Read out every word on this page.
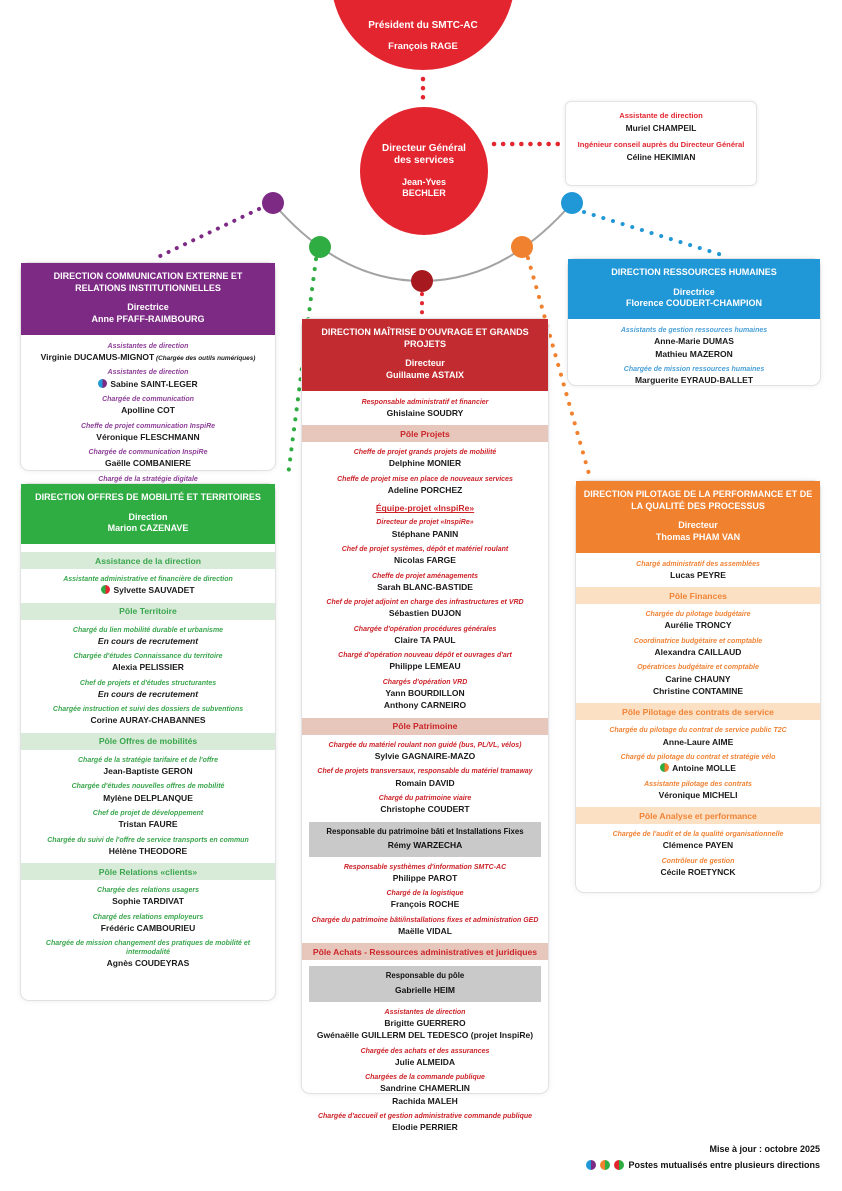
Président du SMTC-AC
François RAGE
Directeur Général
des services
Jean-Yves
BECHLER
Assistante de direction
Muriel CHAMPEIL
Ingénieur conseil auprès du Directeur Général
Céline HEKIMIAN
DIRECTION COMMUNICATION EXTERNE ET RELATIONS INSTITUTIONNELLES
Directrice
Anne PFAFF-RAIMBOURG
Assistantes de direction
Virginie DUCAMUS-MIGNOT (Chargée des outils numériques)
Assistantes de direction
Sabine SAINT-LEGER
Chargée de communication
Apolline COT
Cheffe de projet communication InspiRe
Véronique FLESCHMANN
Chargée de communication InspiRe
Gaëlle COMBANIERE
Chargé de la stratégie digitale
DIRECTION OFFRES DE MOBILITÉ ET TERRITOIRES
Direction
Marion CAZENAVE
Assistance de la direction
Assistante administrative et financière de direction
Sylvette SAUVADET
Pôle Territoire
Chargé du lien mobilité durable et urbanisme
En cours de recrutement
Chargée d'études Connaissance du territoire
Alexia PELISSIER
Chef de projets et d'études structurantes
En cours de recrutement
Chargée instruction et suivi des dossiers de subventions
Corine AURAY-CHABANNES
Pôle Offres de mobilités
Chargé de la stratégie tarifaire et de l'offre
Jean-Baptiste GERON
Chargée d'études nouvelles offres de mobilité
Mylène DELPLANQUE
Chef de projet de développement
Tristan FAURE
Chargée du suivi de l'offre de service transports en commun
Hélène THEODORE
Pôle Relations «clients»
Chargée des relations usagers
Sophie TARDIVAT
Chargé des relations employeurs
Frédéric CAMBOURIEU
Chargée de mission changement des pratiques de mobilité et intermodalité
Agnès COUDEYRAS
DIRECTION MAÎTRISE D'OUVRAGE ET GRANDS PROJETS
Directeur
Guillaume ASTAIX
Responsable administratif et financier
Ghislaine SOUDRY
Pôle Projets
Cheffe de projet grands projets de mobilité
Delphine MONIER
Cheffe de projet mise en place de nouveaux services
Adeline PORCHEZ
Équipe-projet «InspiRe»
Directeur de projet «InspiRe»
Stéphane PANIN
Chef de projet systèmes, dépôt et matériel roulant
Nicolas FARGE
Cheffe de projet aménagements
Sarah BLANC-BASTIDE
Chef de projet adjoint en charge des infrastructures et VRD
Sébastien DUJON
Chargée d'opération procédures générales
Claire TA PAUL
Chargé d'opération nouveau dépôt et ouvrages d'art
Philippe LEMEAU
Chargés d'opération VRD
Yann BOURDILLON
Anthony CARNEIRO
Pôle Patrimoine
Chargée du matériel roulant non guidé (bus, PL/VL, vélos)
Sylvie GAGNAIRE-MAZO
Chef de projets transversaux, responsable du matériel tramaway
Romain DAVID
Chargé du patrimoine viaire
Christophe COUDERT
Responsable du patrimoine bâti et Installations Fixes
Rémy WARZECHA
Responsable systhèmes d'information SMTC-AC
Philippe PAROT
Chargé de la logistique
François ROCHE
Chargée du patrimoine bâti/installations fixes et administration GED
Maëlle VIDAL
Pôle Achats - Ressources administratives et juridiques
Responsable du pôle
Gabrielle HEIM
Assistantes de direction
Brigitte GUERRERO
Gwénaëlle GUILLERM DEL TEDESCO (projet InspiRe)
Chargée des achats et des assurances
Julie ALMEIDA
Chargées de la commande publique
Sandrine CHAMERLIN
Rachida MALEH
Chargée d'accueil et gestion administrative commande publique
Elodie PERRIER
DIRECTION RESSOURCES HUMAINES
Directrice
Florence COUDERT-CHAMPION
Assistants de gestion ressources humaines
Anne-Marie DUMAS
Mathieu MAZERON
Chargée de mission ressources humaines
Marguerite EYRAUD-BALLET
DIRECTION PILOTAGE DE LA PERFORMANCE ET DE LA QUALITÉ DES PROCESSUS
Directeur
Thomas PHAM VAN
Chargé administratif des assemblées
Lucas PEYRE
Pôle Finances
Chargée du pilotage budgétaire
Aurélie TRONCY
Coordinatrice budgétaire et comptable
Alexandra CAILLAUD
Opératrices budgétaire et comptable
Carine CHAUNY
Christine CONTAMINE
Pôle Pilotage des contrats de service
Chargée du pilotage du contrat de service public T2C
Anne-Laure AIME
Chargé du pilotage du contrat et stratégie vélo
Antoine MOLLE
Assistante pilotage des contrats
Véronique MICHELI
Pôle Analyse et performance
Chargée de l'audit et de la qualité organisationnelle
Clémence PAYEN
Contrôleur de gestion
Cécile ROETYNCK
Mise à jour : octobre 2025
Postes mutualisés entre plusieurs directions
